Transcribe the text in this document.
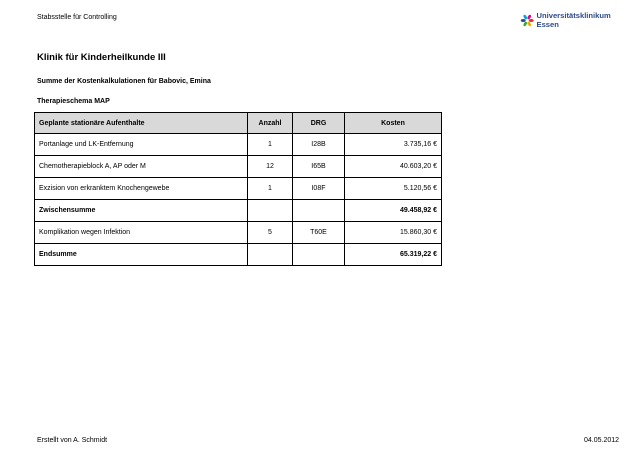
Stabsstelle für Controlling	Universitätsklinikum Essen
Klinik für Kinderheilkunde III
Summe der Kostenkalkulationen für Babovic, Emina
Therapieschema MAP
Geplante stationäre Aufenthalte	Anzahl	DRG	Kosten
Portanlage und LK-Entfernung	1	I28B	3.735,16 €
Chemotherapieblock A, AP oder M	12	I65B	40.603,20 €
Exzision von erkranktem Knochengewebe	1	I08F	5.120,56 €
Zwischensumme			49.458,92 €
Komplikation wegen Infektion	5	T60E	15.860,30 €
Endsumme			65.319,22 €
Erstellt von A. Schmidt	04.05.2012
